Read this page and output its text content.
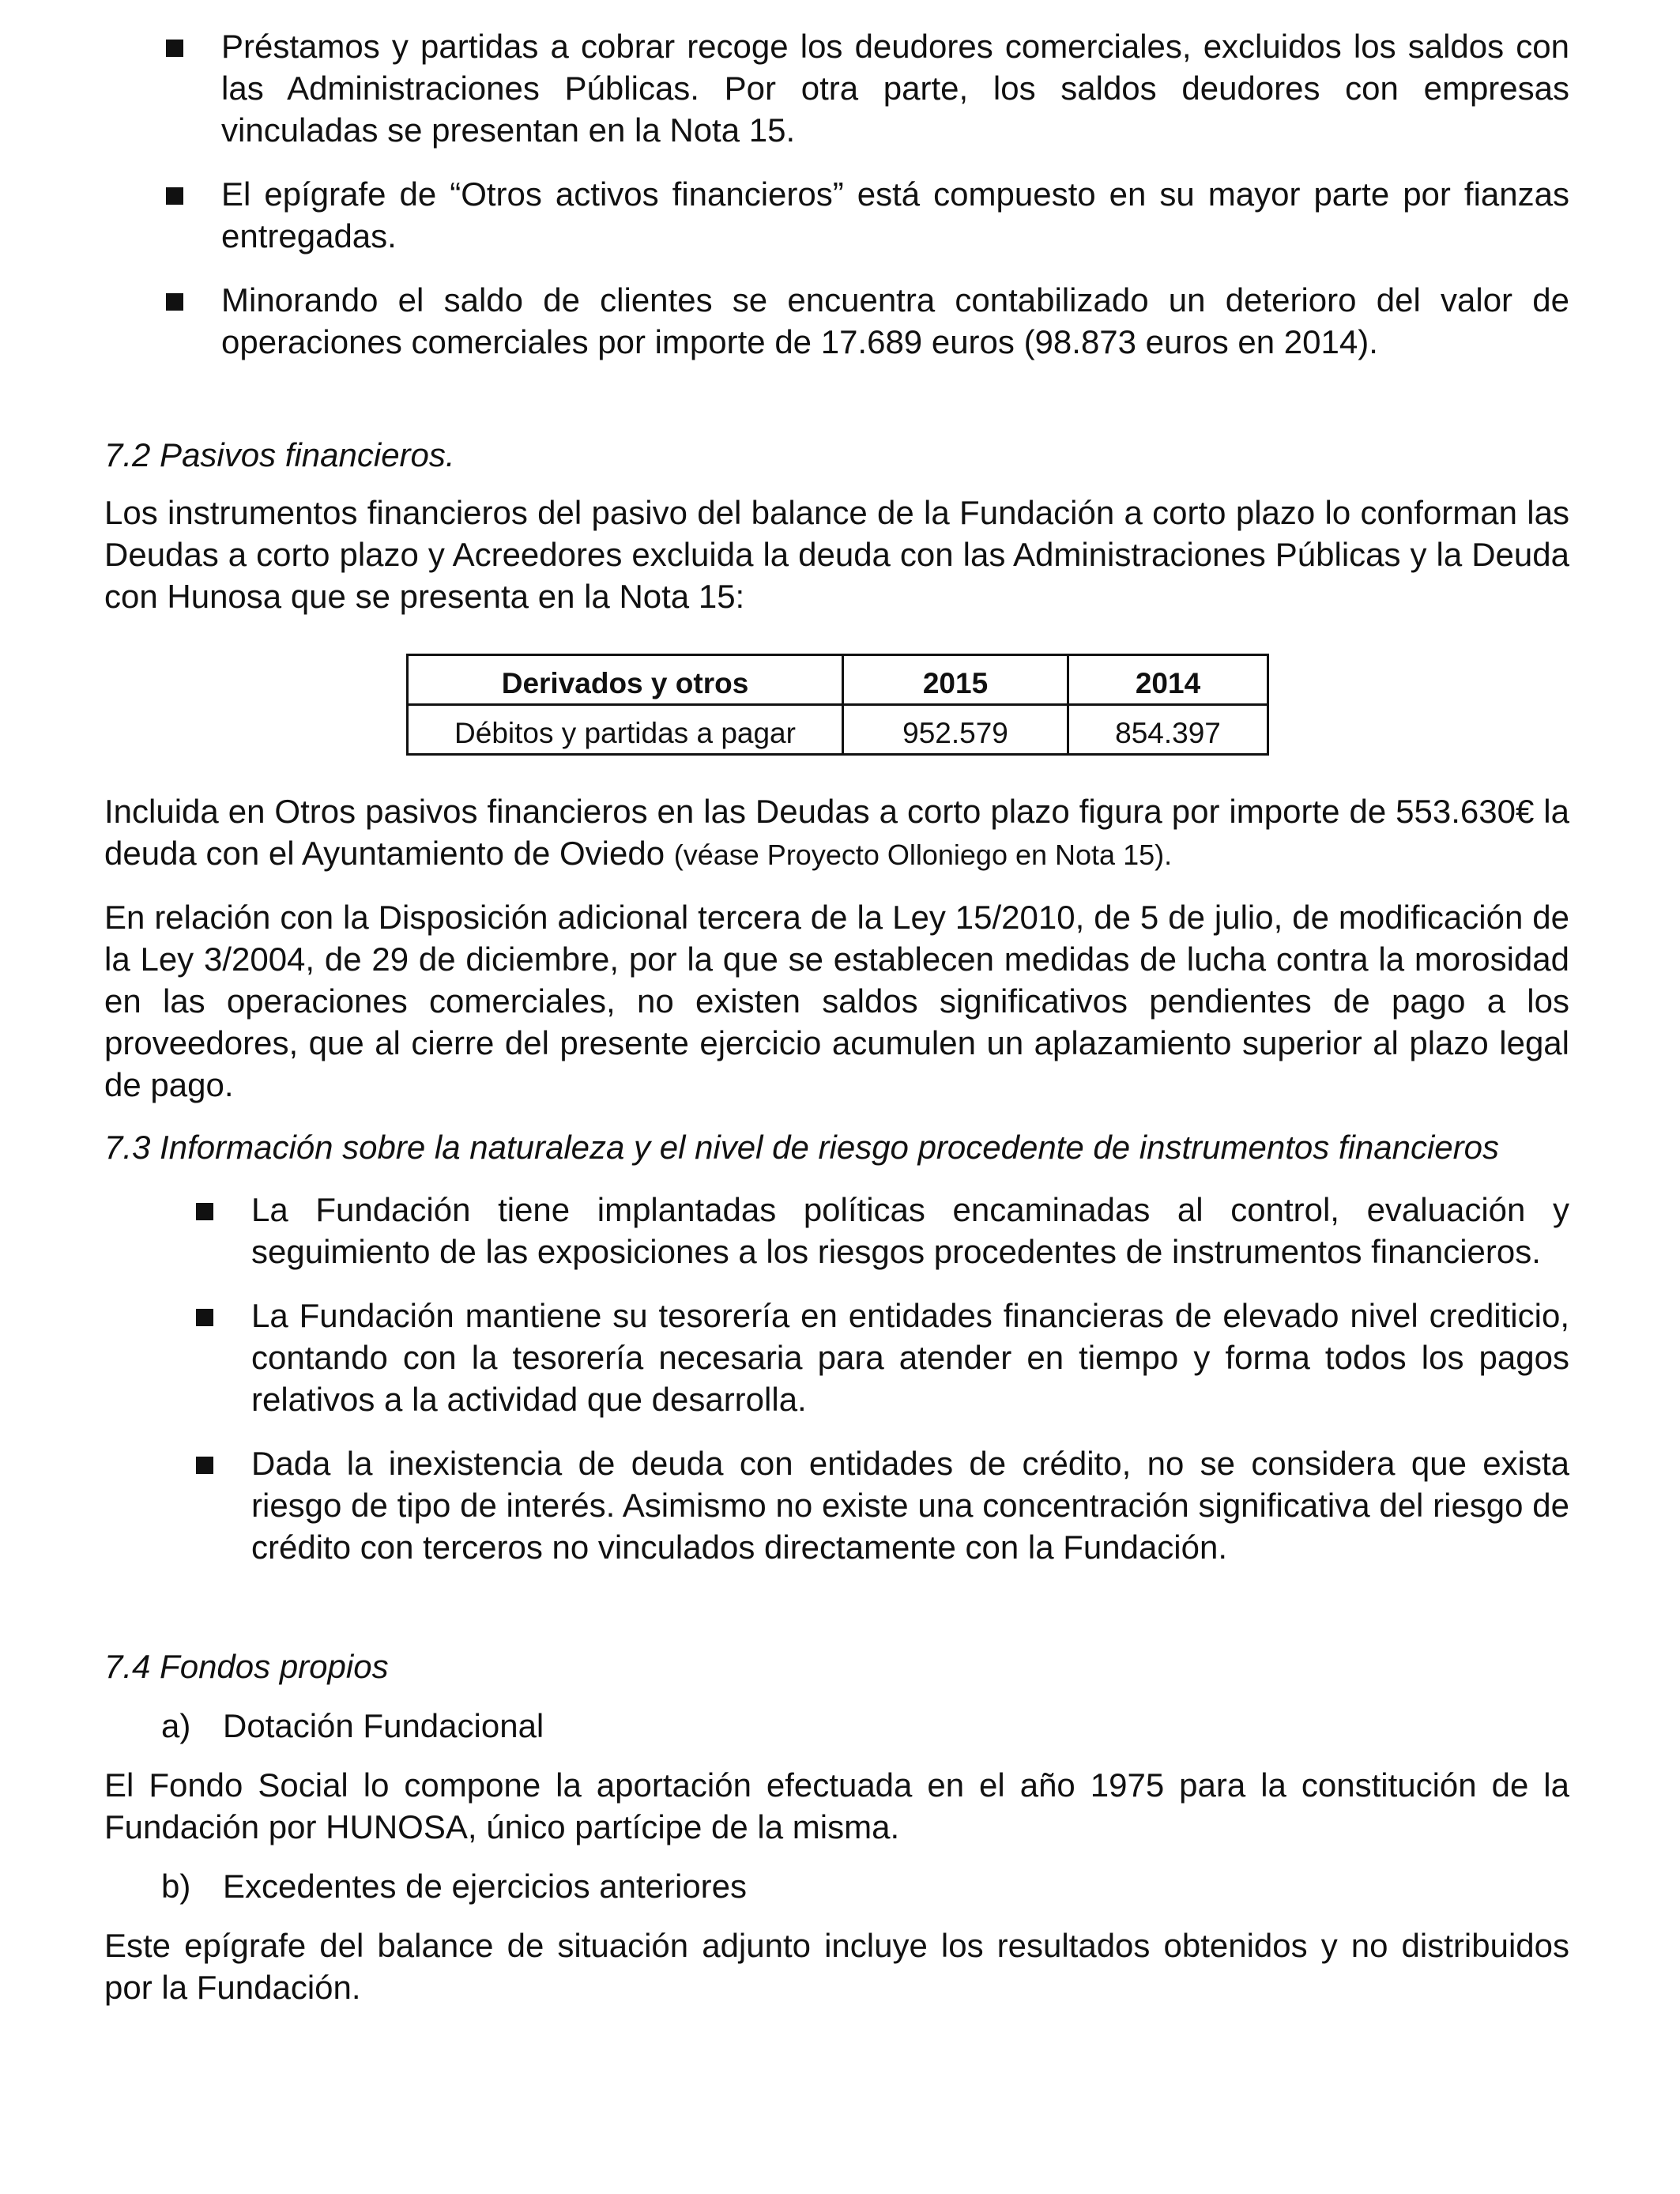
Préstamos y partidas a cobrar recoge los deudores comerciales, excluidos los saldos con las Administraciones Públicas. Por otra parte, los saldos deudores con empresas vinculadas se presentan en la Nota 15.
El epígrafe de “Otros activos financieros” está compuesto en su mayor parte por fianzas entregadas.
Minorando el saldo de clientes se encuentra contabilizado un deterioro del valor de operaciones comerciales por importe de 17.689 euros (98.873 euros en 2014).
7.2 Pasivos financieros.

Los instrumentos financieros del pasivo del balance de la Fundación a corto plazo lo conforman las Deudas a corto plazo y Acreedores excluida la deuda con las Administraciones Públicas y la Deuda con Hunosa que se presenta en la Nota 15:

Derivados y otros	2015	2014
Débitos y partidas a pagar	952.579	854.397

Incluida en Otros pasivos financieros en las Deudas a corto plazo figura por importe de 553.630€ la deuda con el Ayuntamiento de Oviedo (véase Proyecto Olloniego en Nota 15).

En relación con la Disposición adicional tercera de la Ley 15/2010, de 5 de julio, de modificación de la Ley 3/2004, de 29 de diciembre, por la que se establecen medidas de lucha contra la morosidad en las operaciones comerciales, no existen saldos significativos pendientes de pago a los proveedores, que al cierre del presente ejercicio acumulen un aplazamiento superior al plazo legal de pago.

7.3 Información sobre la naturaleza y el nivel de riesgo procedente de instrumentos financieros
La Fundación tiene implantadas políticas encaminadas al control, evaluación y seguimiento de las exposiciones a los riesgos procedentes de instrumentos financieros.
La Fundación mantiene su tesorería en entidades financieras de elevado nivel crediticio, contando con la tesorería necesaria para atender en tiempo y forma todos los pagos relativos a la actividad que desarrolla.
Dada la inexistencia de deuda con entidades de crédito, no se considera que exista riesgo de tipo de interés. Asimismo no existe una concentración significativa del riesgo de crédito con terceros no vinculados directamente con la Fundación.
7.4 Fondos propios
a) Dotación Fundacional

El Fondo Social lo compone la aportación efectuada en el año 1975 para la constitución de la Fundación por HUNOSA, único partícipe de la misma.

b) Excedentes de ejercicios anteriores

Este epígrafe del balance de situación adjunto incluye los resultados obtenidos y no distribuidos por la Fundación.
